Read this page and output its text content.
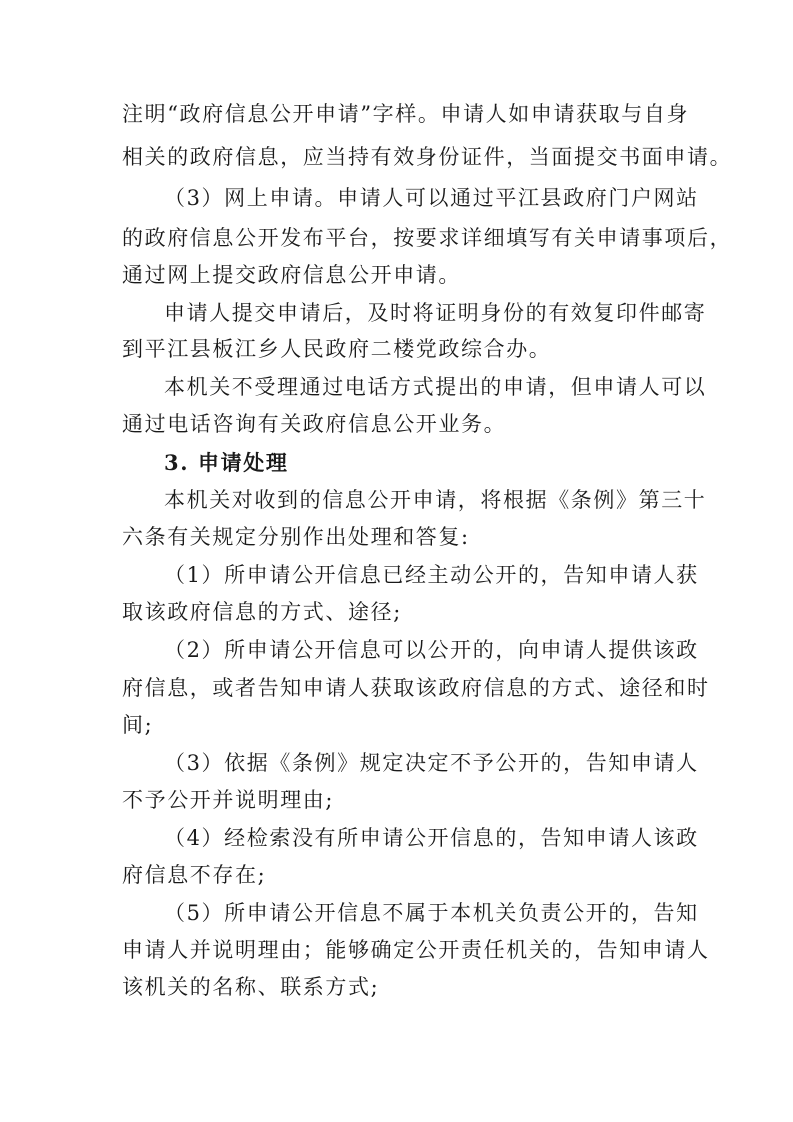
注明“政府信息公开申请”字样。申请人如申请获取与自身

相关的政府信息，应当持有效身份证件，当面提交书面申请。

（3）网上申请。申请人可以通过平江县政府门户网站

的政府信息公开发布平台，按要求详细填写有关申请事项后，

通过网上提交政府信息公开申请。

申请人提交申请后，及时将证明身份的有效复印件邮寄

到平江县板江乡人民政府二楼党政综合办。

本机关不受理通过电话方式提出的申请，但申请人可以

通过电话咨询有关政府信息公开业务。

3. 申请处理

本机关对收到的信息公开申请，将根据《条例》第三十

六条有关规定分别作出处理和答复:

（1）所申请公开信息已经主动公开的，告知申请人获

取该政府信息的方式、途径;

（2）所申请公开信息可以公开的，向申请人提供该政

府信息，或者告知申请人获取该政府信息的方式、途径和时

间;

（3）依据《条例》规定决定不予公开的，告知申请人

不予公开并说明理由;

（4）经检索没有所申请公开信息的，告知申请人该政

府信息不存在;

（5）所申请公开信息不属于本机关负责公开的，告知

申请人并说明理由；能够确定公开责任机关的，告知申请人

该机关的名称、联系方式;
